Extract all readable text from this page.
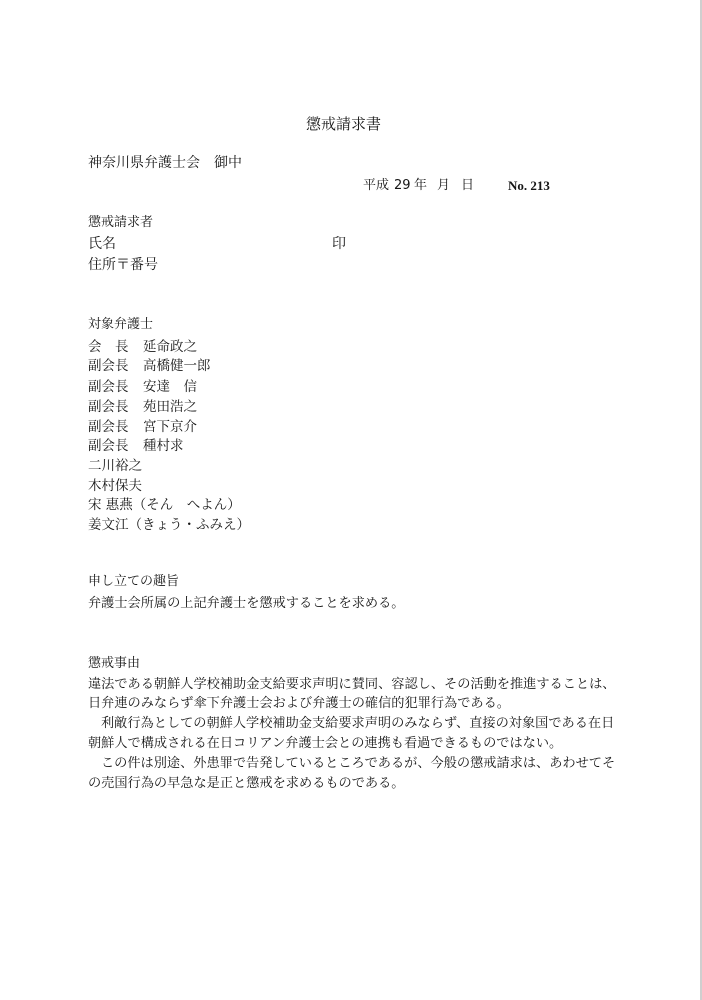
懲戒請求書
神奈川県弁護士会　御中
平成 29 年 月 日	No. 213
懲戒請求者
氏名	印
住所〒番号
対象弁護士
会　長	延命政之
副会長	高橋健一郎
副会長	安達　信
副会長	苑田浩之
副会長	宮下京介
副会長	種村求
二川裕之
木村保夫
宋 惠燕（そん　へよん）
姜文江（きょう・ふみえ）
申し立ての趣旨
弁護士会所属の上記弁護士を懲戒することを求める。
懲戒事由
違法である朝鮮人学校補助金支給要求声明に賛同、容認し、その活動を推進することは、
日弁連のみならず傘下弁護士会および弁護士の確信的犯罪行為である。
利敵行為としての朝鮮人学校補助金支給要求声明のみならず、直接の対象国である在日
朝鮮人で構成される在日コリアン弁護士会との連携も看過できるものではない。
この件は別途、外患罪で告発しているところであるが、今般の懲戒請求は、あわせてそ
の売国行為の早急な是正と懲戒を求めるものである。
